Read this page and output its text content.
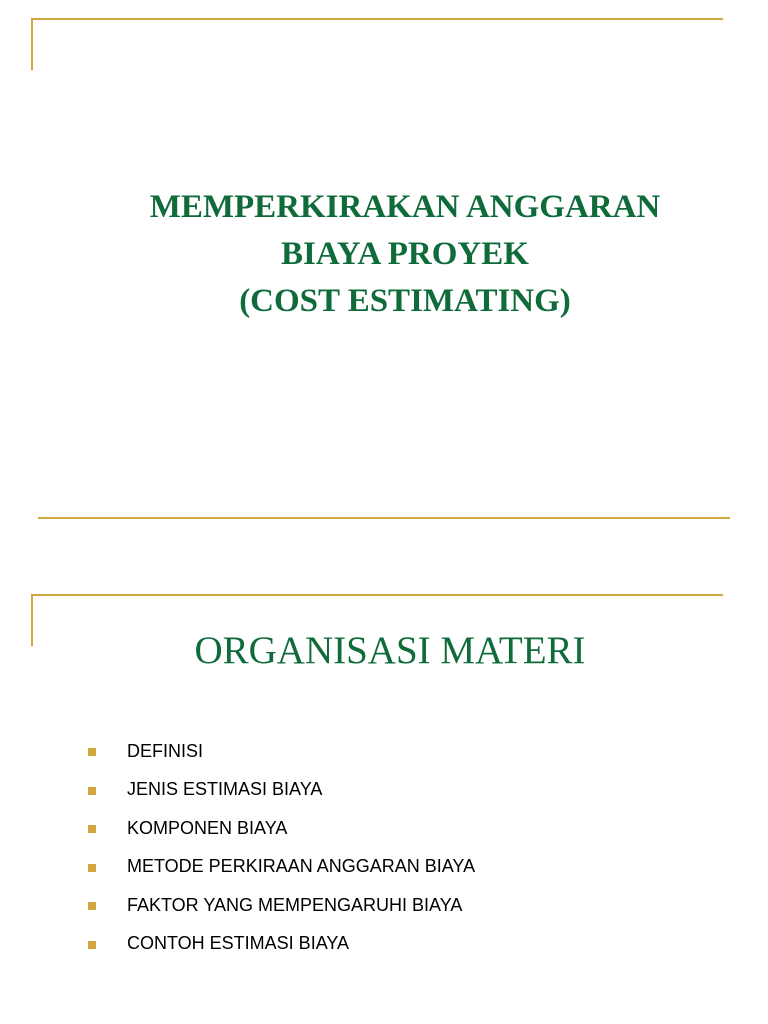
MEMPERKIRAKAN ANGGARAN
BIAYA PROYEK
(COST ESTIMATING)
ORGANISASI MATERI
DEFINISI
JENIS ESTIMASI BIAYA
KOMPONEN BIAYA
METODE PERKIRAAN ANGGARAN BIAYA
FAKTOR YANG MEMPENGARUHI BIAYA
CONTOH ESTIMASI BIAYA
